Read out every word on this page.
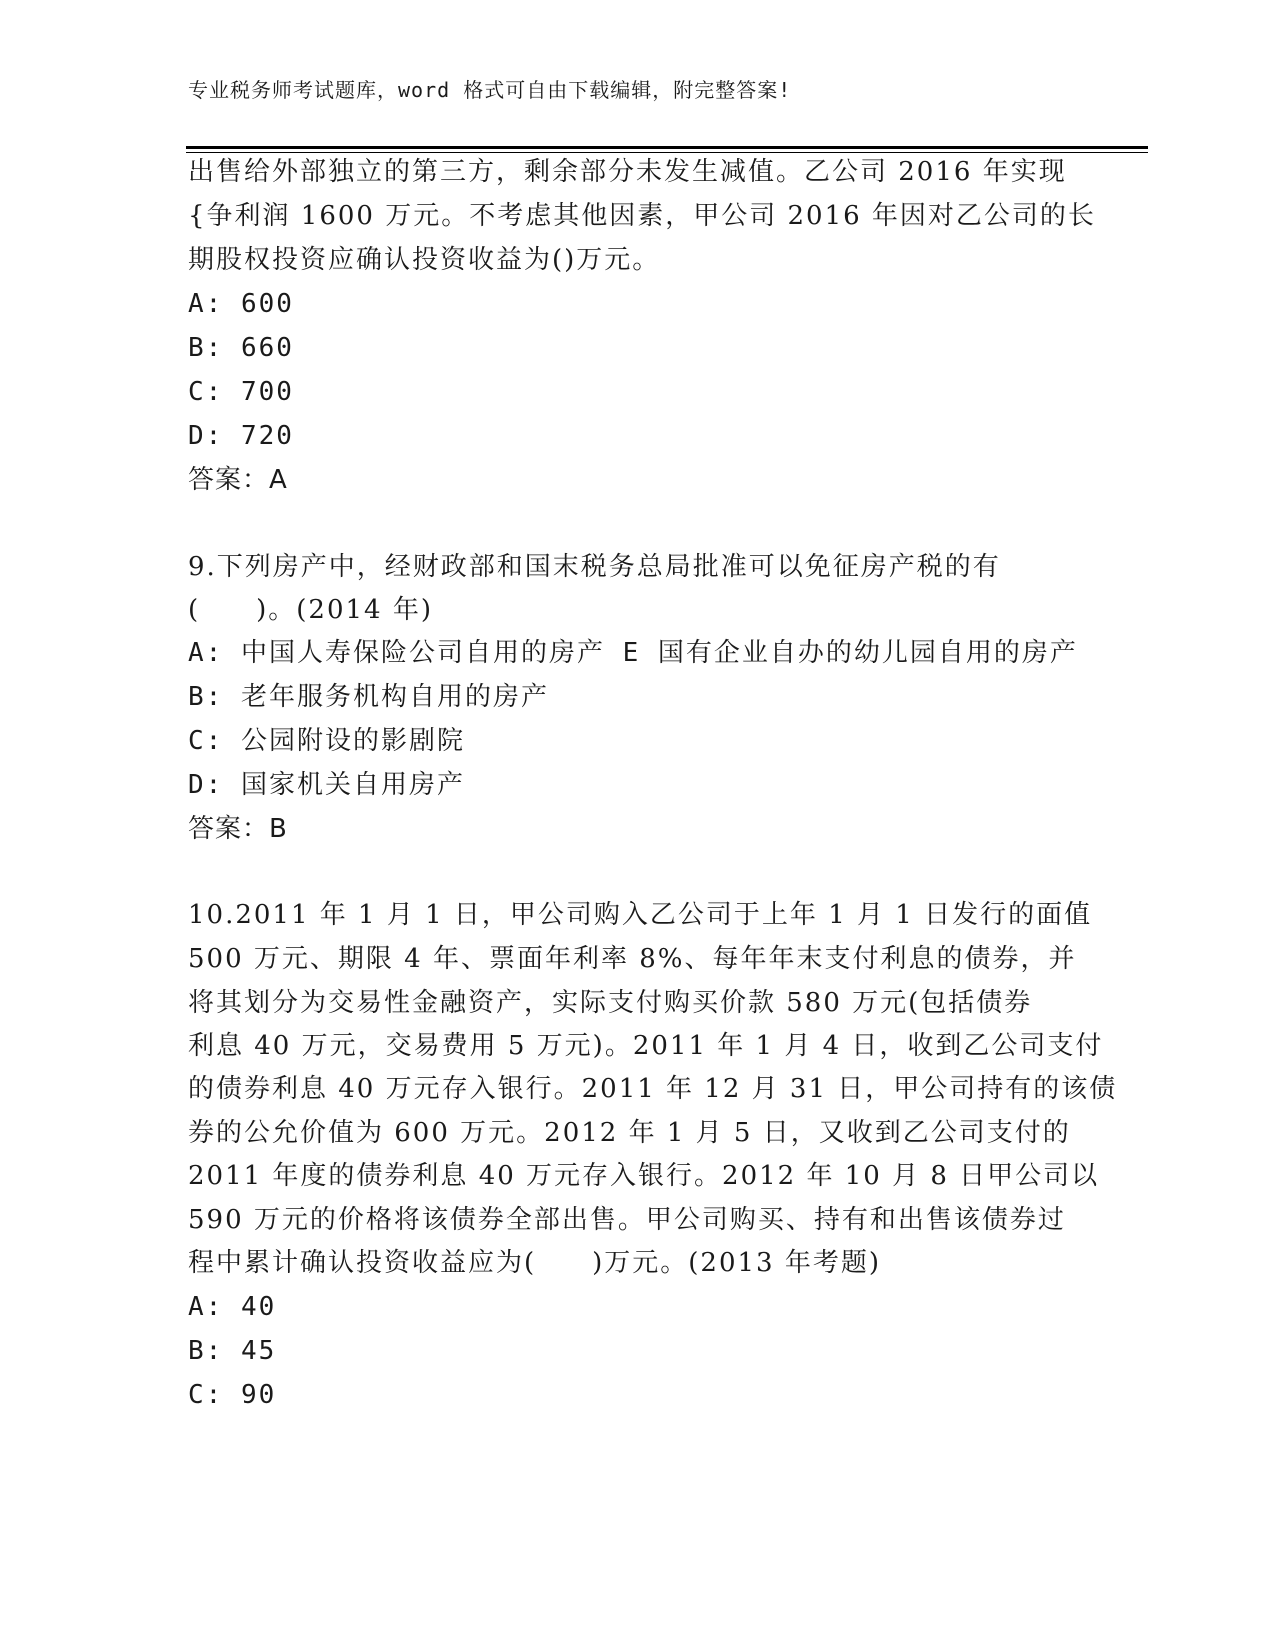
专业税务师考试题库，word 格式可自由下载编辑，附完整答案!
出售给外部独立的第三方，剩余部分未发生减值。乙公司 2016 年实现
{争利润 1600 万元。不考虑其他因素，甲公司 2016 年因对乙公司的长
期股权投资应确认投资收益为()万元。
A: 600
B: 660
C: 700
D: 720
答案：A
9.下列房产中，经财政部和国末税务总局批准可以免征房产税的有
(　　)。(2014 年)
A: 中国人寿保险公司自用的房产 E 国有企业自办的幼儿园自用的房产
B: 老年服务机构自用的房产
C: 公园附设的影剧院
D: 国家机关自用房产
答案：B
10.2011 年 1 月 1 日，甲公司购入乙公司于上年 1 月 1 日发行的面值
500 万元、期限 4 年、票面年利率 8%、每年年末支付利息的债券，并
将其划分为交易性金融资产，实际支付购买价款 580 万元(包括债券
利息 40 万元，交易费用 5 万元)。2011 年 1 月 4 日，收到乙公司支付
的债券利息 40 万元存入银行。2011 年 12 月 31 日，甲公司持有的该债
券的公允价值为 600 万元。2012 年 1 月 5 日，又收到乙公司支付的
2011 年度的债券利息 40 万元存入银行。2012 年 10 月 8 日甲公司以
590 万元的价格将该债券全部出售。甲公司购买、持有和出售该债券过
程中累计确认投资收益应为(　　)万元。(2013 年考题)
A: 40
B: 45
C: 90
